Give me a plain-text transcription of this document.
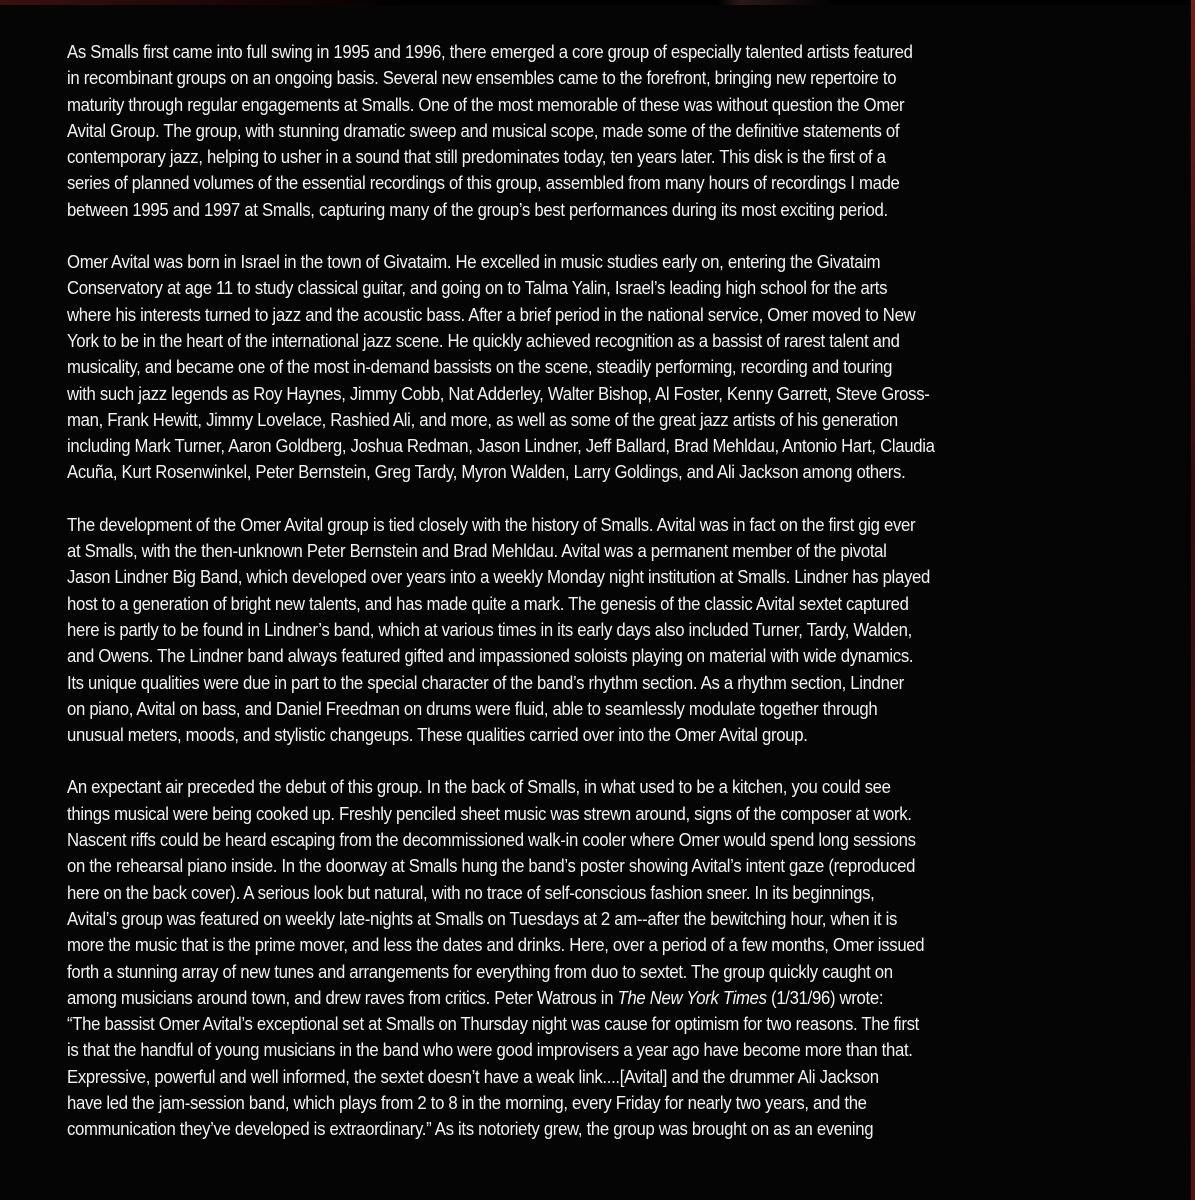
As Smalls first came into full swing in 1995 and 1996, there emerged a core group of especially talented artists featured
in recombinant groups on an ongoing basis. Several new ensembles came to the forefront, bringing new repertoire to
maturity through regular engagements at Smalls. One of the most memorable of these was without question the Omer
Avital Group. The group, with stunning dramatic sweep and musical scope, made some of the definitive statements of
contemporary jazz, helping to usher in a sound that still predominates today, ten years later. This disk is the first of a
series of planned volumes of the essential recordings of this group, assembled from many hours of recordings I made
between 1995 and 1997 at Smalls, capturing many of the group’s best performances during its most exciting period.
Omer Avital was born in Israel in the town of Givataim. He excelled in music studies early on, entering the Givataim
Conservatory at age 11 to study classical guitar, and going on to Talma Yalin, Israel’s leading high school for the arts
where his interests turned to jazz and the acoustic bass. After a brief period in the national service, Omer moved to New
York to be in the heart of the international jazz scene. He quickly achieved recognition as a bassist of rarest talent and
musicality, and became one of the most in-demand bassists on the scene, steadily performing, recording and touring
with such jazz legends as Roy Haynes, Jimmy Cobb, Nat Adderley, Walter Bishop, Al Foster, Kenny Garrett, Steve Gross-
man, Frank Hewitt, Jimmy Lovelace, Rashied Ali, and more, as well as some of the great jazz artists of his generation
including Mark Turner, Aaron Goldberg, Joshua Redman, Jason Lindner, Jeff Ballard, Brad Mehldau, Antonio Hart, Claudia
Acuña, Kurt Rosenwinkel, Peter Bernstein, Greg Tardy, Myron Walden, Larry Goldings, and Ali Jackson among others.
The development of the Omer Avital group is tied closely with the history of Smalls. Avital was in fact on the first gig ever
at Smalls, with the then-unknown Peter Bernstein and Brad Mehldau. Avital was a permanent member of the pivotal
Jason Lindner Big Band, which developed over years into a weekly Monday night institution at Smalls. Lindner has played
host to a generation of bright new talents, and has made quite a mark. The genesis of the classic Avital sextet captured
here is partly to be found in Lindner’s band, which at various times in its early days also included Turner, Tardy, Walden,
and Owens. The Lindner band always featured gifted and impassioned soloists playing on material with wide dynamics.
Its unique qualities were due in part to the special character of the band’s rhythm section. As a rhythm section, Lindner
on piano, Avital on bass, and Daniel Freedman on drums were fluid, able to seamlessly modulate together through
unusual meters, moods, and stylistic changeups. These qualities carried over into the Omer Avital group.
An expectant air preceded the debut of this group. In the back of Smalls, in what used to be a kitchen, you could see
things musical were being cooked up. Freshly penciled sheet music was strewn around, signs of the composer at work.
Nascent riffs could be heard escaping from the decommissioned walk-in cooler where Omer would spend long sessions
on the rehearsal piano inside. In the doorway at Smalls hung the band’s poster showing Avital’s intent gaze (reproduced
here on the back cover). A serious look but natural, with no trace of self-conscious fashion sneer. In its beginnings,
Avital’s group was featured on weekly late-nights at Smalls on Tuesdays at 2 am--after the bewitching hour, when it is
more the music that is the prime mover, and less the dates and drinks. Here, over a period of a few months, Omer issued
forth a stunning array of new tunes and arrangements for everything from duo to sextet. The group quickly caught on
among musicians around town, and drew raves from critics. Peter Watrous in The New York Times (1/31/96) wrote:
“The bassist Omer Avital’s exceptional set at Smalls on Thursday night was cause for optimism for two reasons. The first
is that the handful of young musicians in the band who were good improvisers a year ago have become more than that.
Expressive, powerful and well informed, the sextet doesn’t have a weak link....[Avital] and the drummer Ali Jackson
have led the jam-session band, which plays from 2 to 8 in the morning, every Friday for nearly two years, and the
communication they’ve developed is extraordinary.” As its notoriety grew, the group was brought on as an evening
